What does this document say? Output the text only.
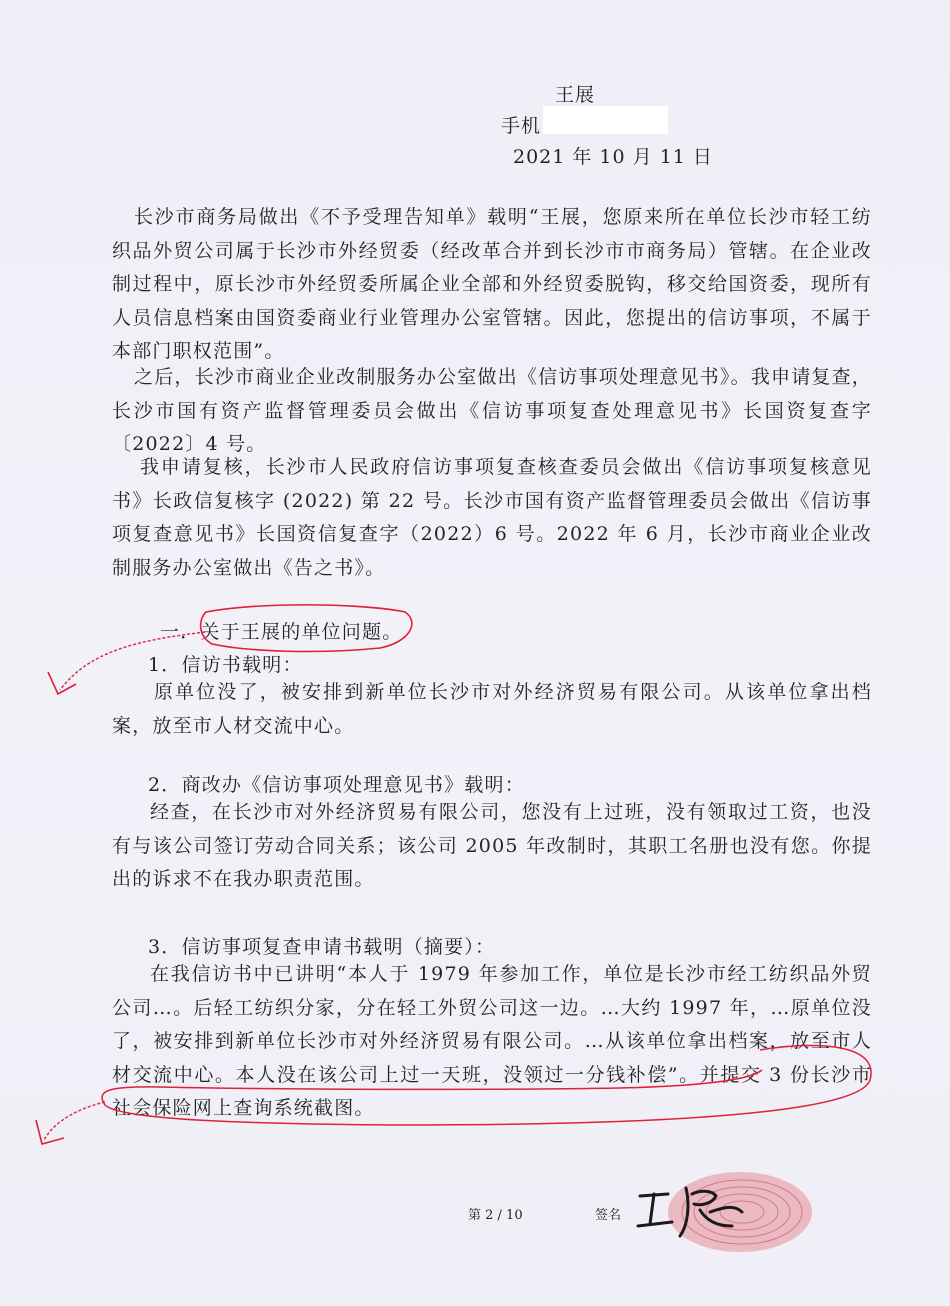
王展
手机
2021 年 10 月 11 日
长沙市商务局做出《不予受理告知单》载明“王展，您原来所在单位长沙市轻工纺织品外贸公司属于长沙市外经贸委（经改革合并到长沙市市商务局）管辖。在企业改制过程中，原长沙市外经贸委所属企业全部和外经贸委脱钩，移交给国资委，现所有人员信息档案由国资委商业行业管理办公室管辖。因此，您提出的信访事项，不属于本部门职权范围”。
之后，长沙市商业企业改制服务办公室做出《信访事项处理意见书》。我申请复查，长沙市国有资产监督管理委员会做出《信访事项复查处理意见书》长国资复查字〔2022〕4 号。
我申请复核，长沙市人民政府信访事项复查核查委员会做出《信访事项复核意见书》长政信复核字 (2022) 第 22 号。长沙市国有资产监督管理委员会做出《信访事项复查意见书》长国资信复查字（2022）6 号。2022 年 6 月，长沙市商业企业改制服务办公室做出《告之书》。
一．关于王展的单位问题。
1．信访书载明：
原单位没了，被安排到新单位长沙市对外经济贸易有限公司。从该单位拿出档案，放至市人材交流中心。
2．商改办《信访事项处理意见书》载明：
经查，在长沙市对外经济贸易有限公司，您没有上过班，没有领取过工资，也没有与该公司签订劳动合同关系；该公司 2005 年改制时，其职工名册也没有您。你提出的诉求不在我办职责范围。
3．信访事项复查申请书载明（摘要）：
在我信访书中已讲明“本人于 1979 年参加工作，单位是长沙市经工纺织品外贸公司…。后轻工纺织分家，分在轻工外贸公司这一边。…大约 1997 年，…原单位没了，被安排到新单位长沙市对外经济贸易有限公司。…从该单位拿出档案，放至市人材交流中心。本人没在该公司上过一天班，没领过一分钱补偿”。并提交 3 份长沙市社会保险网上查询系统截图。
第 2 / 10	签名
